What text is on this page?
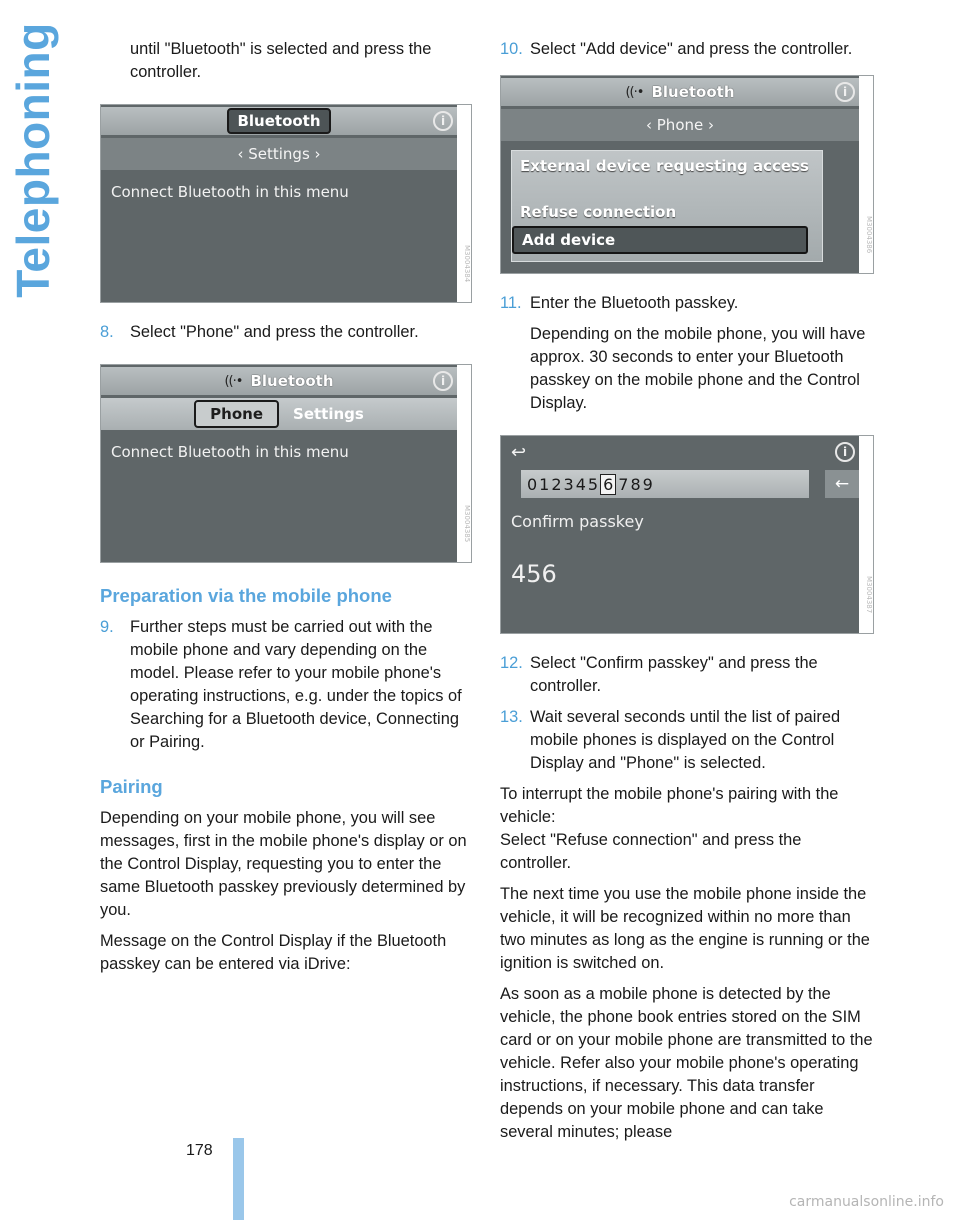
Telephoning	until "Bluetooth" is selected and press the controller.

Bluetooth	i
‹ Settings ›
Connect Bluetooth in this menu
M3004384
8. Select "Phone" and press the controller.
((·• Bluetooth	i
Phone	Settings
Connect Bluetooth in this menu
M3004385
Preparation via the mobile phone
9. Further steps must be carried out with the mobile phone and vary depending on the model. Please refer to your mobile phone's operating instructions, e.g. under the topics of Searching for a Bluetooth device, Connecting or Pairing.
Pairing

Depending on your mobile phone, you will see messages, first in the mobile phone's display or on the Control Display, requesting you to enter the same Bluetooth passkey previously determined by you.

Message on the Control Display if the Bluetooth passkey can be entered via iDrive:

10. Select "Add device" and press the controller.
((·• Bluetooth	i
‹ Phone ›
External device requesting access
Refuse connection
Add device	M3004386
11. Enter the Bluetooth passkey.

Depending on the mobile phone, you will have approx. 30 seconds to enter your Bluetooth passkey on the mobile phone and the Control Display.

↩	i
012345 6 789	←
Confirm passkey
456
M3004387
12. Select "Confirm passkey" and press the controller.
13. Wait several seconds until the list of paired mobile phones is displayed on the Control Display and "Phone" is selected.

To interrupt the mobile phone's pairing with the vehicle:

Select "Refuse connection" and press the controller.

The next time you use the mobile phone inside the vehicle, it will be recognized within no more than two minutes as long as the engine is running or the ignition is switched on.

As soon as a mobile phone is detected by the vehicle, the phone book entries stored on the SIM card or on your mobile phone are transmitted to the vehicle. Refer also your mobile phone's operating instructions, if necessary. This data transfer depends on your mobile phone and can take several minutes; please

178
carmanualsonline.info
